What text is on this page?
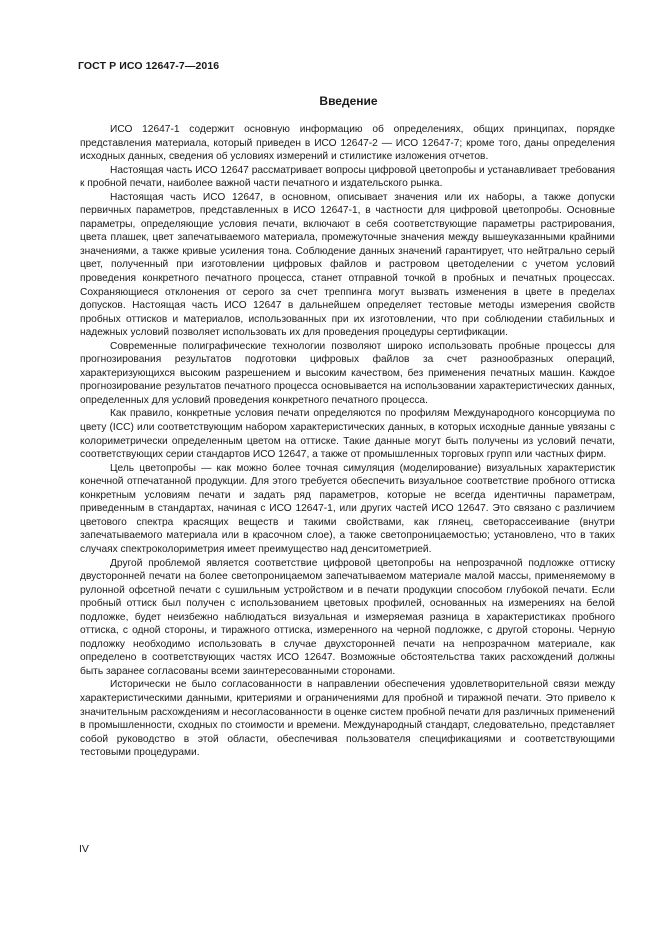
ГОСТ Р ИСО 12647-7—2016
Введение

ИСО 12647-1 содержит основную информацию об определениях, общих принципах, порядке представления материала, который приведен в ИСО 12647-2 — ИСО 12647-7; кроме того, даны определения исходных данных, сведения об условиях измерений и стилистике изложения отчетов.

Настоящая часть ИСО 12647 рассматривает вопросы цифровой цветопробы и устанавливает требования к пробной печати, наиболее важной части печатного и издательского рынка.

Настоящая часть ИСО 12647, в основном, описывает значения или их наборы, а также допуски первичных параметров, представленных в ИСО 12647-1, в частности для цифровой цветопробы. Основные параметры, определяющие условия печати, включают в себя соответствующие параметры растрирования, цвета плашек, цвет запечатываемого материала, промежуточные значения между вышеуказанными крайними значениями, а также кривые усиления тона. Соблюдение данных значений гарантирует, что нейтрально серый цвет, полученный при изготовлении цифровых файлов и растровом цветоделении с учетом условий проведения конкретного печатного процесса, станет отправной точкой в пробных и печатных процессах. Сохраняющиеся отклонения от серого за счет треппинга могут вызвать изменения в цвете в пределах допусков. Настоящая часть ИСО 12647 в дальнейшем определяет тестовые методы измерения свойств пробных оттисков и материалов, использованных при их изготовлении, что при соблюдении стабильных и надежных условий позволяет использовать их для проведения процедуры сертификации.

Современные полиграфические технологии позволяют широко использовать пробные процессы для прогнозирования результатов подготовки цифровых файлов за счет разнообразных операций, характеризующихся высоким разрешением и высоким качеством, без применения печатных машин. Каждое прогнозирование результатов печатного процесса основывается на использовании характеристических данных, определенных для условий проведения конкретного печатного процесса.

Как правило, конкретные условия печати определяются по профилям Международного консорциума по цвету (ICC) или соответствующим набором характеристических данных, в которых исходные данные увязаны с колориметрически определенным цветом на оттиске. Такие данные могут быть получены из условий печати, соответствующих серии стандартов ИСО 12647, а также от промышленных торговых групп или частных фирм.

Цель цветопробы — как можно более точная симуляция (моделирование) визуальных характеристик конечной отпечатанной продукции. Для этого требуется обеспечить визуальное соответствие пробного оттиска конкретным условиям печати и задать ряд параметров, которые не всегда идентичны параметрам, приведенным в стандартах, начиная с ИСО 12647-1, или других частей ИСО 12647. Это связано с различием цветового спектра красящих веществ и такими свойствами, как глянец, светорассеивание (внутри запечатываемого материала или в красочном слое), а также светопроницаемостью; установлено, что в таких случаях спектроколориметрия имеет преимущество над денситометрией.

Другой проблемой является соответствие цифровой цветопробы на непрозрачной подложке оттиску двусторонней печати на более светопроницаемом запечатываемом материале малой массы, применяемому в рулонной офсетной печати с сушильным устройством и в печати продукции способом глубокой печати. Если пробный оттиск был получен с использованием цветовых профилей, основанных на измерениях на белой подложке, будет неизбежно наблюдаться визуальная и измеряемая разница в характеристиках пробного оттиска, с одной стороны, и тиражного оттиска, измеренного на черной подложке, с другой стороны. Черную подложку необходимо использовать в случае двухсторонней печати на непрозрачном материале, как определено в соответствующих частях ИСО 12647. Возможные обстоятельства таких расхождений должны быть заранее согласованы всеми заинтересованными сторонами.

Исторически не было согласованности в направлении обеспечения удовлетворительной связи между характеристическими данными, критериями и ограничениями для пробной и тиражной печати. Это привело к значительным расхождениям и несогласованности в оценке систем пробной печати для различных применений в промышленности, сходных по стоимости и времени. Международный стандарт, следовательно, представляет собой руководство в этой области, обеспечивая пользователя спецификациями и соответствующими тестовыми процедурами.

IV
